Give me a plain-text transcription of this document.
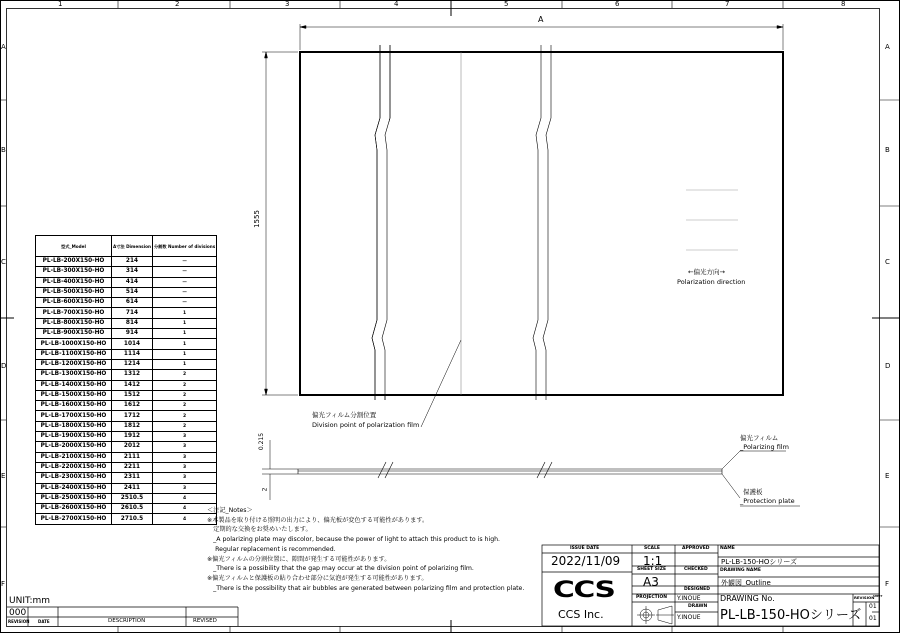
1	2	3	4	5	6	7	8
A
B
C
D
E
F
A
B
C
D
E
F
A
1555
0.215
2
←偏光方向→
Polarization direction
偏光フィルム分割位置
Division point of polarization film
偏光フィルム
_Polarizing film
保護板
_Protection plate
型式_Model	A寸法 Dimension	分割数 Number of divisions
PL-LB-200X150-HO	214	—
PL-LB-300X150-HO	314	—
PL-LB-400X150-HO	414	—
PL-LB-500X150-HO	514	—
PL-LB-600X150-HO	614	—
PL-LB-700X150-HO	714	1
PL-LB-800X150-HO	814	1
PL-LB-900X150-HO	914	1
PL-LB-1000X150-HO	1014	1
PL-LB-1100X150-HO	1114	1
PL-LB-1200X150-HO	1214	1
PL-LB-1300X150-HO	1312	2
PL-LB-1400X150-HO	1412	2
PL-LB-1500X150-HO	1512	2
PL-LB-1600X150-HO	1612	2
PL-LB-1700X150-HO	1712	2
PL-LB-1800X150-HO	1812	2
PL-LB-1900X150-HO	1912	3
PL-LB-2000X150-HO	2012	3
PL-LB-2100X150-HO	2111	3
PL-LB-2200X150-HO	2211	3
PL-LB-2300X150-HO	2311	3
PL-LB-2400X150-HO	2411	3
PL-LB-2500X150-HO	2510.5	4
PL-LB-2600X150-HO	2610.5	4
PL-LB-2700X150-HO	2710.5	4
＜注記_Notes＞
※本製品を取り付ける照明の出力により、偏光板が変色する可能性があります。
　定期的な交換をお奨めいたします。
　_A polarizing plate may discolor, because the power of light to attach this product to is high.
　 Regular replacement is recommended.
※偏光フィルムの分割位置に、隙間が発生する可能性があります。
　_There is a possibility that the gap may occur at the division point of polarizing film.
※偏光フィルムと保護板の貼り合わせ部分に気泡が発生する可能性があります。
　_There is the possibility that air bubbles are generated between polarizing film and protection plate.
UNIT:mm
000
REVISION DATE	DESCRIPTION	REVISED
ISSUE DATE
2022/11/09
SCALE
1:1
SHEET SIZE
A3
PROJECTION
APPROVED
CHECKED
DESIGNED
Y.INOUE
DRAWN
Y.INOUE
NAME
PL-LB-150-HOシリーズ
DRAWING NAME
外観図_Outline
DRAWING No.
PL-LB-150-HOシリーズ
REVISION
SHEET
01
01
CCS
CCS Inc.
